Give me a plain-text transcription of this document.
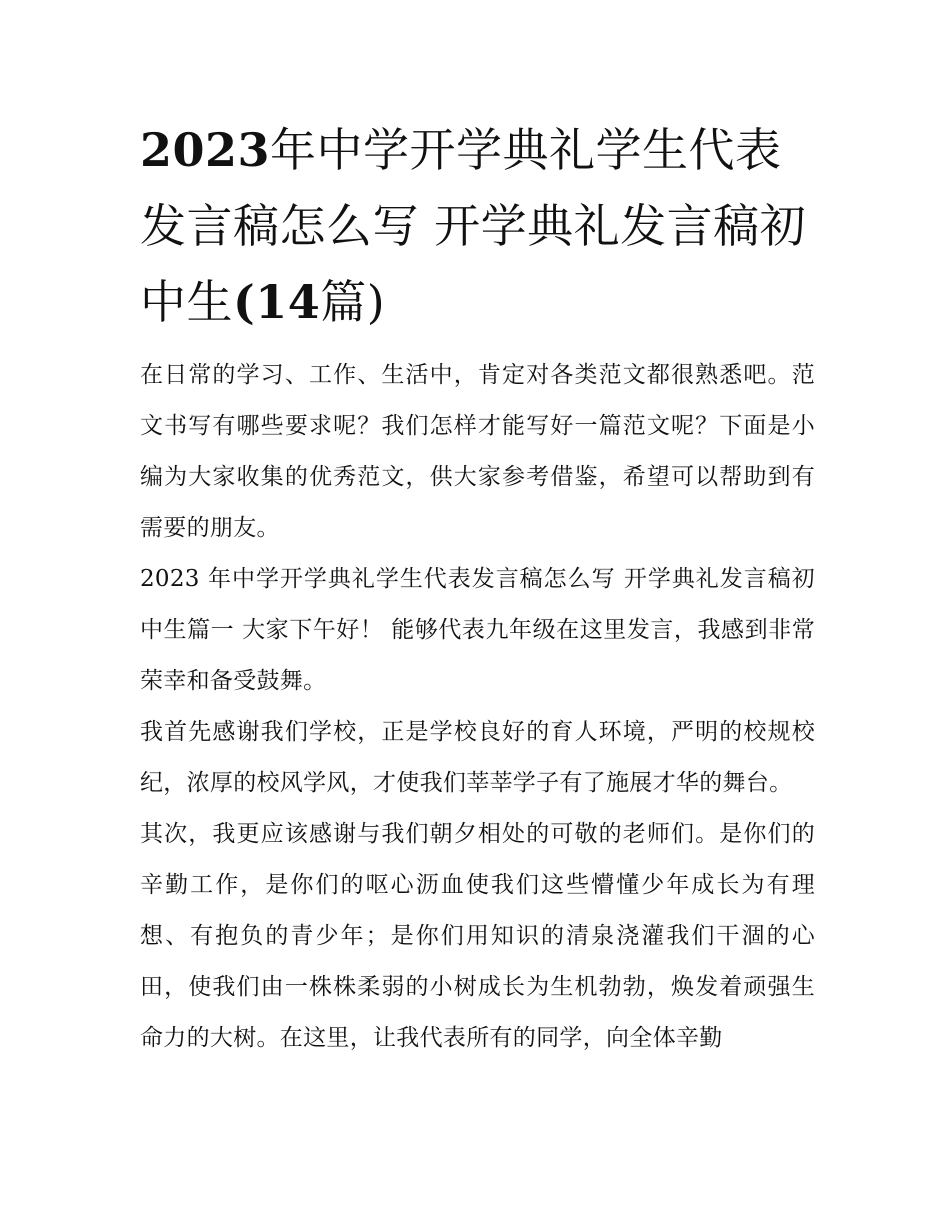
2023年中学开学典礼学生代表发言稿怎么写 开学典礼发言稿初中生(14篇)

在日常的学习、工作、生活中，肯定对各类范文都很熟悉吧。范文书写有哪些要求呢？我们怎样才能写好一篇范文呢？下面是小编为大家收集的优秀范文，供大家参考借鉴，希望可以帮助到有需要的朋友。

2023 年中学开学典礼学生代表发言稿怎么写 开学典礼发言稿初中生篇一 大家下午好！ 能够代表九年级在这里发言，我感到非常荣幸和备受鼓舞。

我首先感谢我们学校，正是学校良好的育人环境，严明的校规校纪，浓厚的校风学风，才使我们莘莘学子有了施展才华的舞台。

其次，我更应该感谢与我们朝夕相处的可敬的老师们。是你们的辛勤工作，是你们的呕心沥血使我们这些懵懂少年成长为有理想、有抱负的青少年；是你们用知识的清泉浇灌我们干涸的心田，使我们由一株株柔弱的小树成长为生机勃勃，焕发着顽强生命力的大树。在这里，让我代表所有的同学，向全体辛勤
